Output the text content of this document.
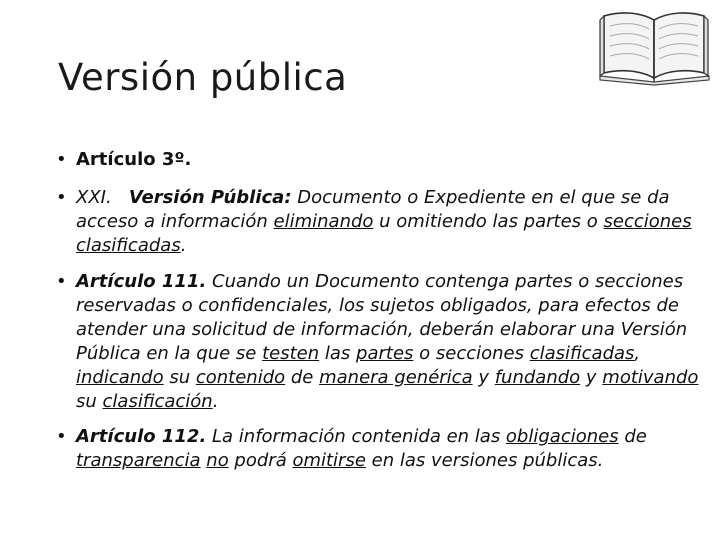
Versión pública
• Artículo 3º.
• XXI. Versión Pública: Documento o Expediente en el que se da acceso a información eliminando u omitiendo las partes o secciones clasificadas.
• Artículo 111. Cuando un Documento contenga partes o secciones reservadas o confidenciales, los sujetos obligados, para efectos de atender una solicitud de información, deberán elaborar una Versión Pública en la que se testen las partes o secciones clasificadas, indicando su contenido de manera genérica y fundando y motivando su clasificación.
• Artículo 112. La información contenida en las obligaciones de transparencia no podrá omitirse en las versiones públicas.
